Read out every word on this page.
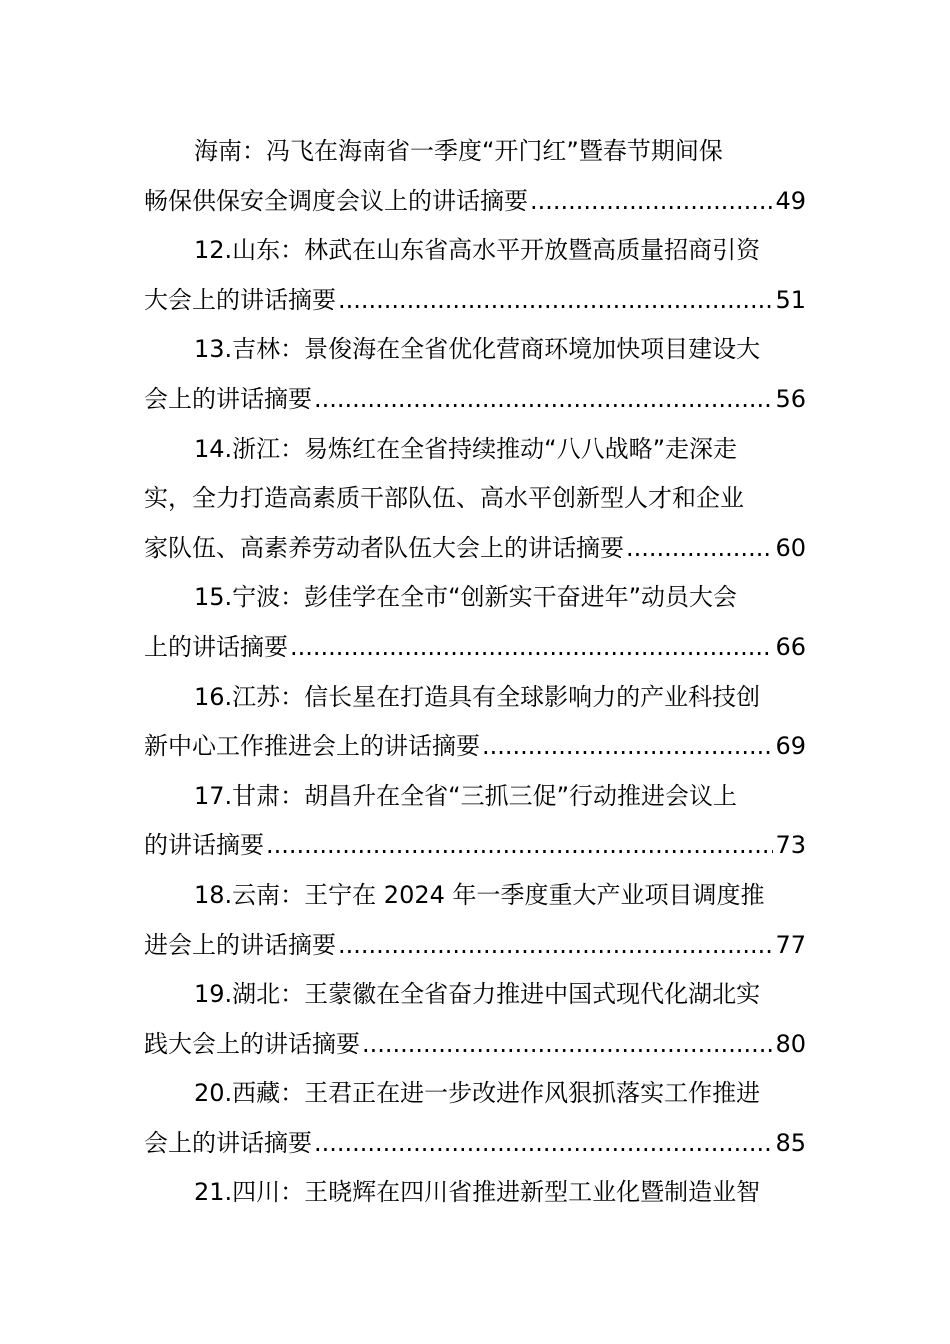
海南：冯飞在海南省一季度“开门红”暨春节期间保
畅保供保安全调度会议上的讲话摘要 .....	49
12.山东：林武在山东省高水平开放暨高质量招商引资
大会上的讲话摘要 .....	51
13.吉林：景俊海在全省优化营商环境加快项目建设大
会上的讲话摘要 .....	56
14.浙江：易炼红在全省持续推动“八八战略”走深走
实，全力打造高素质干部队伍、高水平创新型人才和企业
家队伍、高素养劳动者队伍大会上的讲话摘要 .....	60
15.宁波：彭佳学在全市“创新实干奋进年”动员大会
上的讲话摘要 .....	66
16.江苏：信长星在打造具有全球影响力的产业科技创
新中心工作推进会上的讲话摘要 .....	69
17.甘肃：胡昌升在全省“三抓三促”行动推进会议上
的讲话摘要 .....	73
18.云南：王宁在 2024 年一季度重大产业项目调度推
进会上的讲话摘要 .....	77
19.湖北：王蒙徽在全省奋力推进中国式现代化湖北实
践大会上的讲话摘要 .....	80
20.西藏：王君正在进一步改进作风狠抓落实工作推进
会上的讲话摘要 .....	85
21.四川：王晓辉在四川省推进新型工业化暨制造业智
